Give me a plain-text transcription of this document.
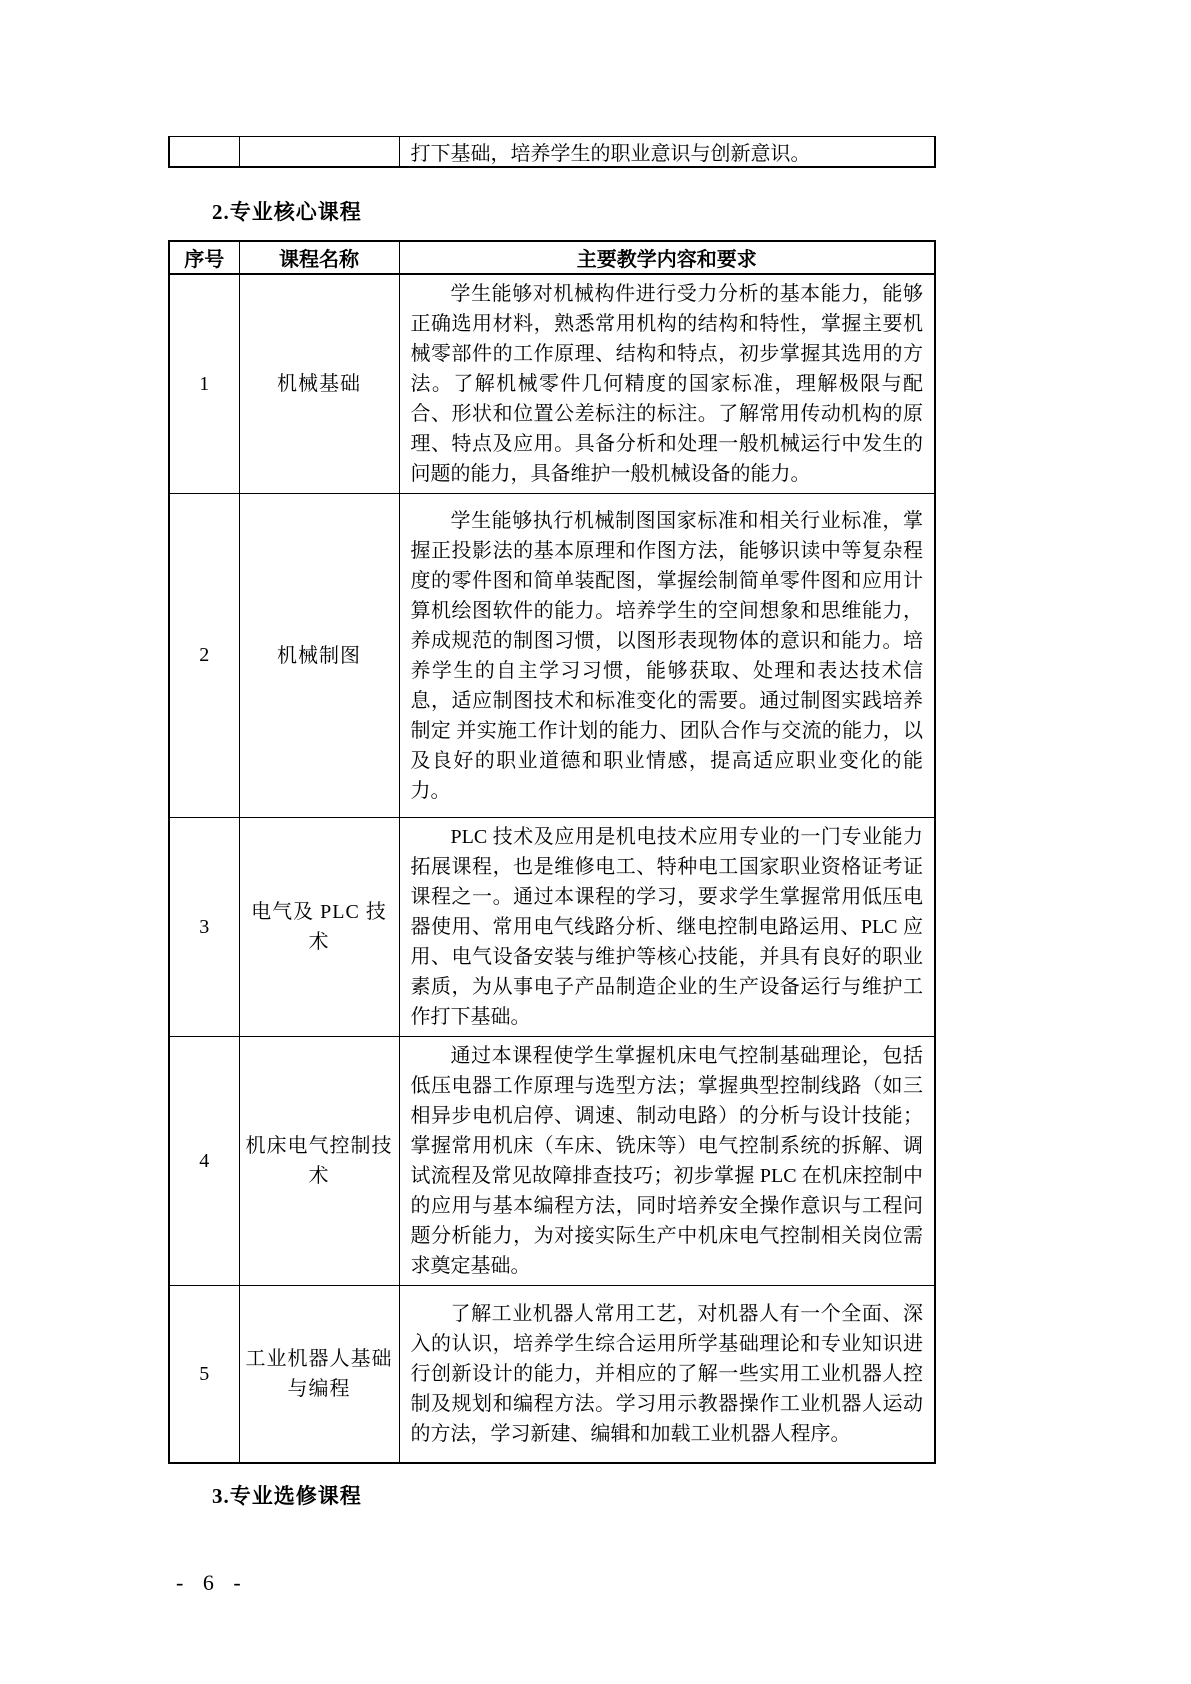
		打下基础，培养学生的职业意识与创新意识。
2.专业核心课程
序号	课程名称	主要教学内容和要求
1	机械基础	学生能够对机械构件进行受力分析的基本能力，能够正确选用材料，熟悉常用机构的结构和特性，掌握主要机械零部件的工作原理、结构和特点，初步掌握其选用的方法。了解机械零件几何精度的国家标准，理解极限与配合、形状和位置公差标注的标注。了解常用传动机构的原理、特点及应用。具备分析和处理一般机械运行中发生的问题的能力，具备维护一般机械设备的能力。

2	机械制图	学生能够执行机械制图国家标准和相关行业标准，掌握正投影法的基本原理和作图方法，能够识读中等复杂程度的零件图和简单装配图，掌握绘制简单零件图和应用计算机绘图软件的能力。培养学生的空间想象和思维能力，养成规范的制图习惯，以图形表现物体的意识和能力。培养学生的自主学习习惯，能够获取、处理和表达技术信息，适应制图技术和标准变化的需要。通过制图实践培养制定 并实施工作计划的能力、团队合作与交流的能力，以及良好的职业道德和职业情感，提高适应职业变化的能力。

3	电气及 PLC 技术	PLC 技术及应用是机电技术应用专业的一门专业能力拓展课程，也是维修电工、特种电工国家职业资格证考证课程之一。通过本课程的学习，要求学生掌握常用低压电器使用、常用电气线路分析、继电控制电路运用、PLC 应用、电气设备安装与维护等核心技能，并具有良好的职业素质，为从事电子产品制造企业的生产设备运行与维护工作打下基础。

4	机床电气控制技术	通过本课程使学生掌握机床电气控制基础理论，包括低压电器工作原理与选型方法；掌握典型控制线路（如三相异步电机启停、调速、制动电路）的分析与设计技能；掌握常用机床（车床、铣床等）电气控制系统的拆解、调试流程及常见故障排查技巧；初步掌握 PLC 在机床控制中的应用与基本编程方法，同时培养安全操作意识与工程问题分析能力，为对接实际生产中机床电气控制相关岗位需求奠定基础。

5	工业机器人基础与编程	了解工业机器人常用工艺，对机器人有一个全面、深入的认识，培养学生综合运用所学基础理论和专业知识进行创新设计的能力，并相应的了解一些实用工业机器人控制及规划和编程方法。学习用示教器操作工业机器人运动的方法，学习新建、编辑和加载工业机器人程序。

3.专业选修课程
- 6 -
